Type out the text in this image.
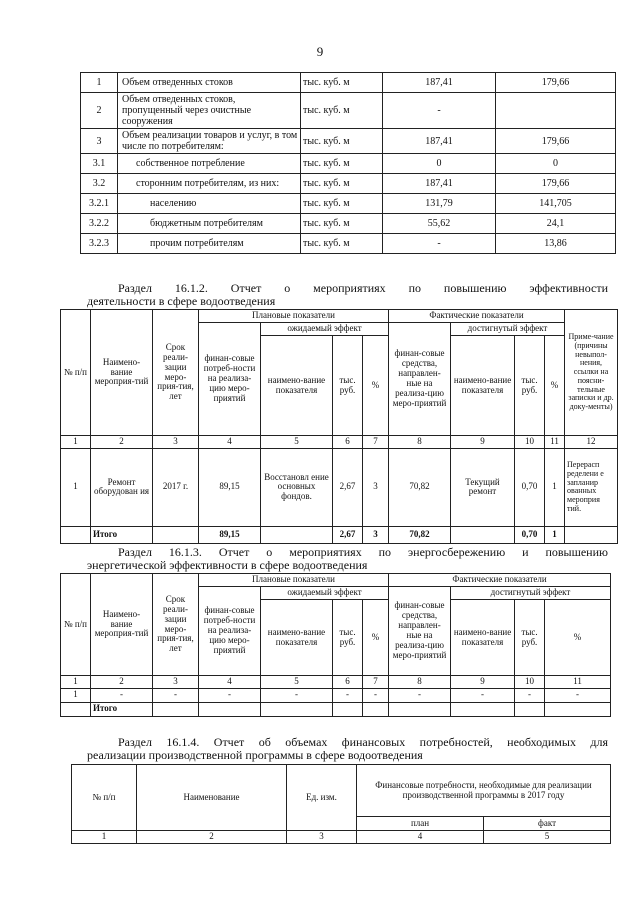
9
1	Объем отведенных стоков	тыс. куб. м	187,41	179,66
2	Объем отведенных стоков, пропущенный через очистные сооружения	тыс. куб. м	-	
3	Объем реализации товаров и услуг, в том числе по потребителям:	тыс. куб. м	187,41	179,66
3.1	собственное потребление	тыс. куб. м	0	0
3.2	сторонним потребителям, из них:	тыс. куб. м	187,41	179,66
3.2.1	населению	тыс. куб. м	131,79	141,705
3.2.2	бюджетным потребителям	тыс. куб. м	55,62	24,1
3.2.3	прочим потребителям	тыс. куб. м	-	13,86
Раздел 16.1.2. Отчет о мероприятиях по повышению эффективности
деятельности в сфере водоотведения
№ п/п	Наимено-вание мероприя-тий	Срок реали-зации меро-прия-тия, лет	Плановые показатели				Фактические показатели				Приме-чание (причины невыпол-нения, ссылки на поясни-тельные записки и др. доку-менты)
			финан-совые потреб-ности на реализа-цию меро-приятий	ожидаемый эффект			финан-совые средства, направлен-ные на реализа-цию меро-приятий	достигнутый эффект			
				наимено-вание показателя	тыс. руб.	%		наимено-вание показателя	тыс. руб.	%	
1	2	3	4	5	6	7	8	9	10	11	12
1	Ремонт оборудован ия	2017 г.	89,15	Восстановл ение основных фондов.	2,67	3	70,82	Текущий ремонт	0,70	1	Перерасп ределени е запланир ованных мероприя тий.
	Итого		89,15		2,67	3	70,82		0,70	1	
Раздел 16.1.3. Отчет о мероприятиях по энергосбережению и повышению
энергетической эффективности в сфере водоотведения
№ п/п	Наимено-вание мероприя-тий	Срок реали-зации меро-прия-тия, лет	Плановые показатели				Фактические показатели			
			финан-совые потреб-ности на реализа-цию меро-приятий	ожидаемый эффект			финан-совые средства, направлен-ные на реализа-цию меро-приятий	достигнутый эффект		
				наимено-вание показателя	тыс. руб.	%		наимено-вание показателя	тыс. руб.	%
1	2	3	4	5	6	7	8	9	10	11
1	-	-	-	-	-	-	-	-	-	-
	Итого									
Раздел 16.1.4. Отчет об объемах финансовых потребностей, необходимых для
реализации производственной программы в сфере водоотведения
№ п/п	Наименование	Ед. изм.	Финансовые потребности, необходимые для реализации производственной программы в 2017 году	
			план	факт
1	2	3	4	5
